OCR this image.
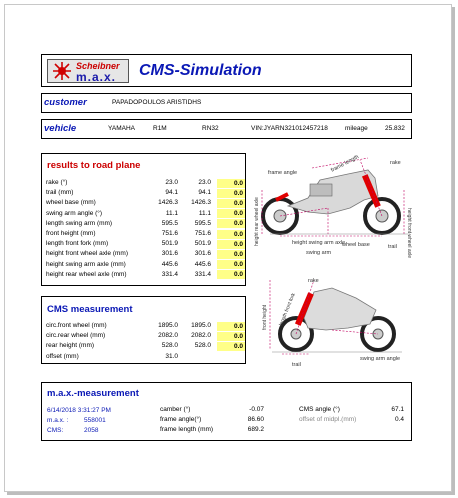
Scheibner
m.a.x. CMS-Simulation
customer	PAPADOPOULOS ARISTIDHS
vehicle	YAMAHA	R1M	RN32	VIN:JYARN321012457218	mileage	25.832
results to road plane
rake (°)	23.0	23.0	0.0
trail (mm)	94.1	94.1	0.0
wheel base (mm)	1426.3	1426.3	0.0
swing arm angle (°)	11.1	11.1	0.0
length swing arm (mm)	595.5	595.5	0.0
front height (mm)	751.6	751.6	0.0
length front fork (mm)	501.9	501.9	0.0
height front wheel axle (mm)	301.6	301.6	0.0
height swing arm axle (mm)	445.6	445.6	0.0
height rear wheel axle (mm)	331.4	331.4	0.0
frame angle	frame length	rake
trail
wheel base
height swing arm axle
swing arm	height front wheel axle
height rear wheel axle
CMS measurement
circ.front wheel (mm)	1895.0	1895.0	0.0
circ.rear wheel (mm)	2082.0	2082.0	0.0
rear height (mm)	528.0	528.0	0.0
offset (mm)	31.0
rake
length front fork
front height
trail
swing arm angle
m.a.x.-measurement
6/14/2018 3:31:27 PM
m.a.x. : 558001
CMS:	2058
camber (°)	-0.07
frame angle(°)	86.60
frame length (mm)	689.2
CMS angle (°)	67.1
offset of midpl.(mm)	0.4
